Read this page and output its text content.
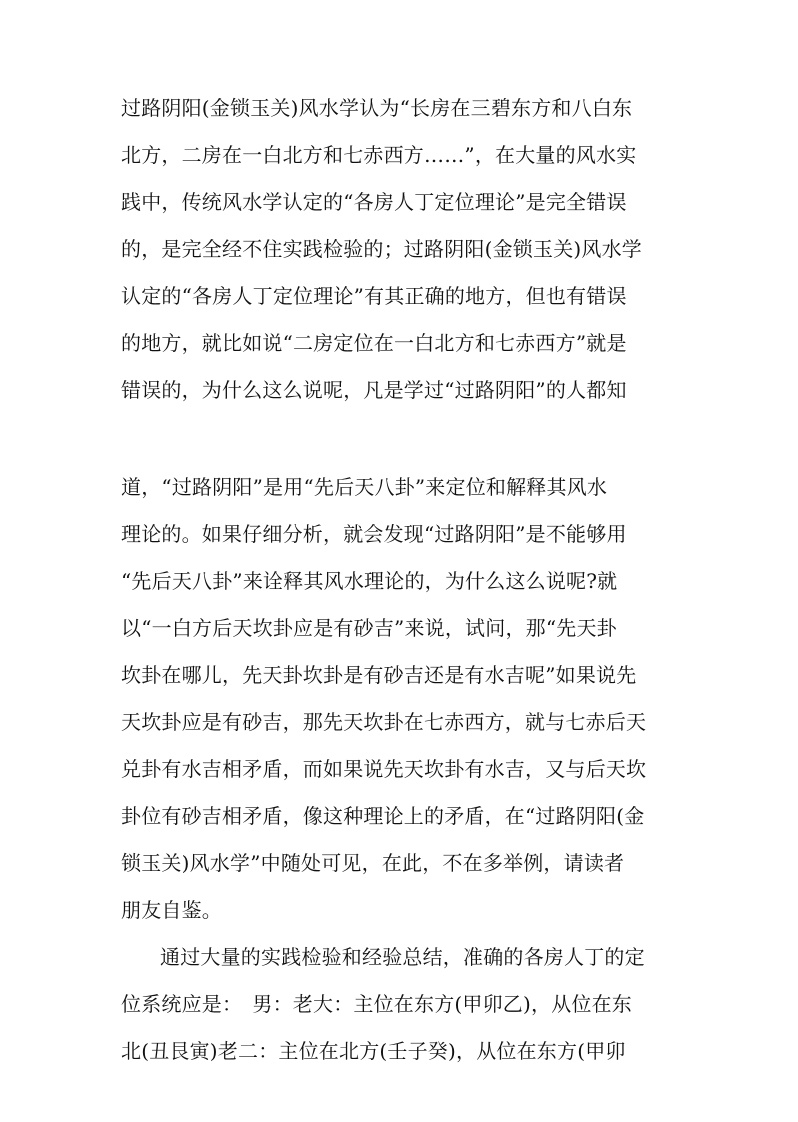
过路阴阳(金锁玉关)风水学认为“长房在三碧东方和八白东
北方，二房在一白北方和七赤西方……”，在大量的风水实
践中，传统风水学认定的“各房人丁定位理论”是完全错误
的，是完全经不住实践检验的；过路阴阳(金锁玉关)风水学
认定的“各房人丁定位理论”有其正确的地方，但也有错误
的地方，就比如说“二房定位在一白北方和七赤西方”就是
错误的，为什么这么说呢，凡是学过“过路阴阳”的人都知
道，“过路阴阳”是用“先后天八卦”来定位和解释其风水
理论的。如果仔细分析，就会发现“过路阴阳”是不能够用
“先后天八卦”来诠释其风水理论的，为什么这么说呢?就
以“一白方后天坎卦应是有砂吉”来说，试问，那“先天卦
坎卦在哪儿，先天卦坎卦是有砂吉还是有水吉呢”如果说先
天坎卦应是有砂吉，那先天坎卦在七赤西方，就与七赤后天
兑卦有水吉相矛盾，而如果说先天坎卦有水吉，又与后天坎
卦位有砂吉相矛盾，像这种理论上的矛盾，在“过路阴阳(金
锁玉关)风水学”中随处可见，在此，不在多举例，请读者
朋友自鉴。
通过大量的实践检验和经验总结，准确的各房人丁的定
位系统应是：　男：老大：主位在东方(甲卯乙)，从位在东
北(丑艮寅)老二：主位在北方(壬子癸)，从位在东方(甲卯
